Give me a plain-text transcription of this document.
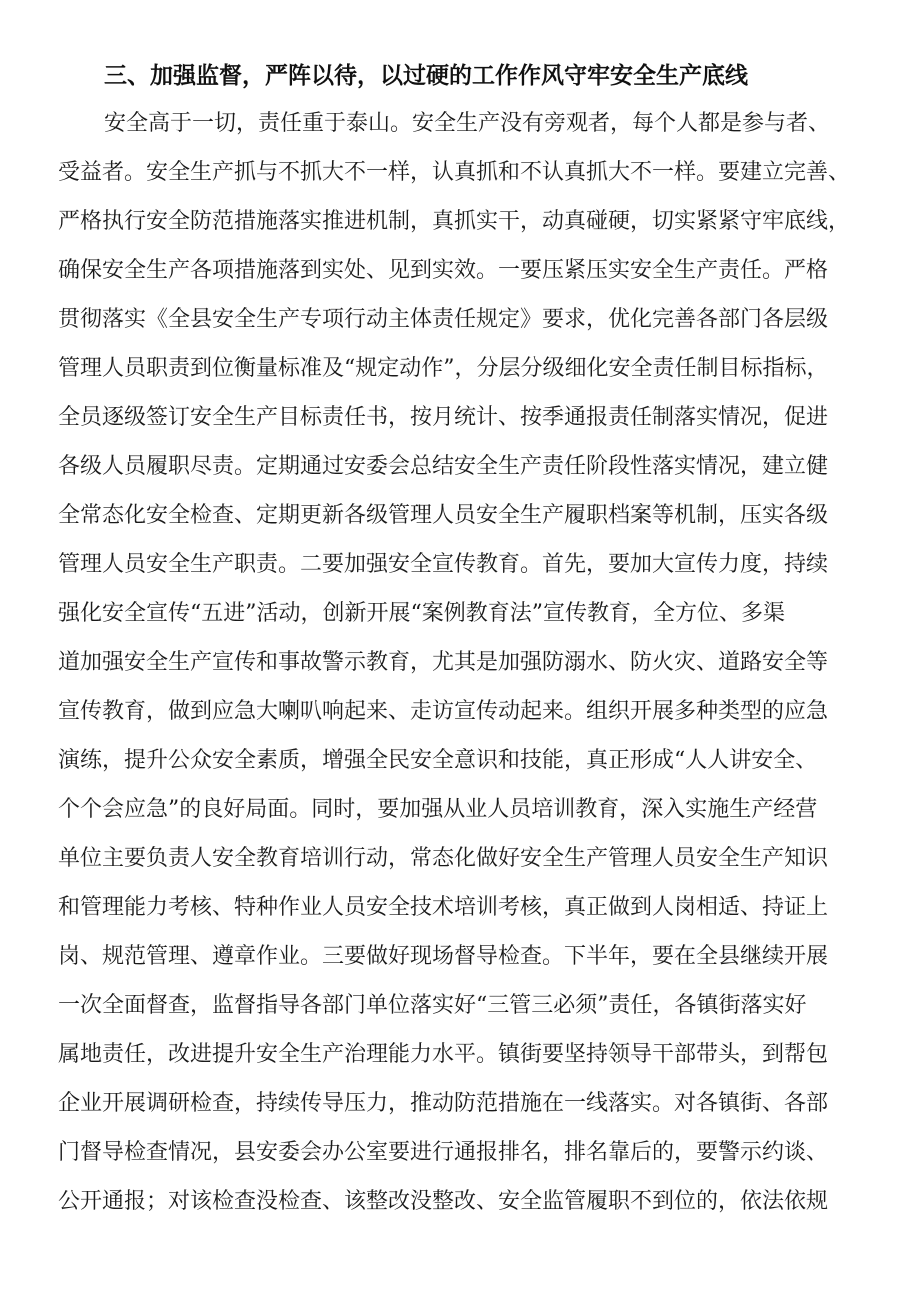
三、加强监督，严阵以待，以过硬的工作作风守牢安全生产底线
安全高于一切，责任重于泰山。安全生产没有旁观者，每个人都是参与者、
受益者。安全生产抓与不抓大不一样，认真抓和不认真抓大不一样。要建立完善、
严格执行安全防范措施落实推进机制，真抓实干，动真碰硬，切实紧紧守牢底线，
确保安全生产各项措施落到实处、见到实效。一要压紧压实安全生产责任。严格
贯彻落实《全县安全生产专项行动主体责任规定》要求，优化完善各部门各层级
管理人员职责到位衡量标准及“规定动作”，分层分级细化安全责任制目标指标，
全员逐级签订安全生产目标责任书，按月统计、按季通报责任制落实情况，促进
各级人员履职尽责。定期通过安委会总结安全生产责任阶段性落实情况，建立健
全常态化安全检查、定期更新各级管理人员安全生产履职档案等机制，压实各级
管理人员安全生产职责。二要加强安全宣传教育。首先，要加大宣传力度，持续
强化安全宣传“五进”活动，创新开展“案例教育法”宣传教育，全方位、多渠
道加强安全生产宣传和事故警示教育，尤其是加强防溺水、防火灾、道路安全等
宣传教育，做到应急大喇叭响起来、走访宣传动起来。组织开展多种类型的应急
演练，提升公众安全素质，增强全民安全意识和技能，真正形成“人人讲安全、
个个会应急”的良好局面。同时，要加强从业人员培训教育，深入实施生产经营
单位主要负责人安全教育培训行动，常态化做好安全生产管理人员安全生产知识
和管理能力考核、特种作业人员安全技术培训考核，真正做到人岗相适、持证上
岗、规范管理、遵章作业。三要做好现场督导检查。下半年，要在全县继续开展
一次全面督查，监督指导各部门单位落实好“三管三必须”责任，各镇街落实好
属地责任，改进提升安全生产治理能力水平。镇街要坚持领导干部带头，到帮包
企业开展调研检查，持续传导压力，推动防范措施在一线落实。对各镇街、各部
门督导检查情况，县安委会办公室要进行通报排名，排名靠后的，要警示约谈、
公开通报；对该检查没检查、该整改没整改、安全监管履职不到位的，依法依规
